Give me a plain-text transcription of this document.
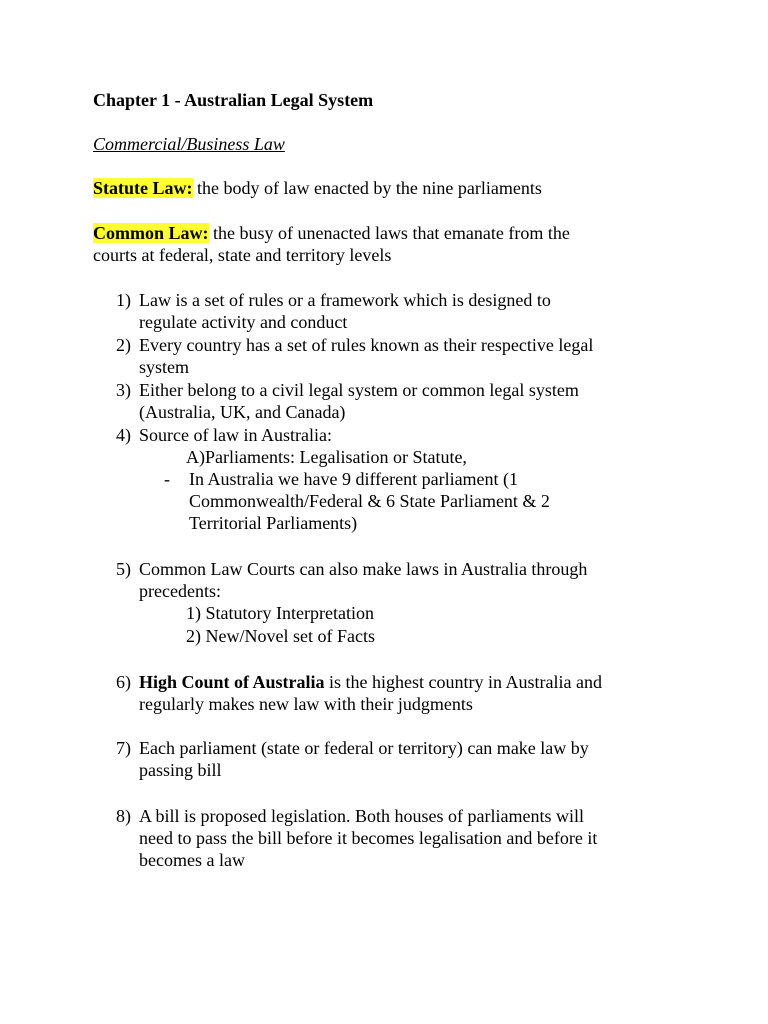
Chapter 1 - Australian Legal System
Commercial/Business Law
Statute Law: the body of law enacted by the nine parliaments
Common Law: the busy of unenacted laws that emanate from the
courts at federal, state and territory levels
1) Law is a set of rules or a framework which is designed to
regulate activity and conduct
2) Every country has a set of rules known as their respective legal
system
3) Either belong to a civil legal system or common legal system
(Australia, UK, and Canada)
4) Source of law in Australia:
A)Parliaments: Legalisation or Statute,
- In Australia we have 9 different parliament (1
Commonwealth/Federal & 6 State Parliament & 2
Territorial Parliaments)
5) Common Law Courts can also make laws in Australia through
precedents:
1) Statutory Interpretation
2) New/Novel set of Facts
6) High Count of Australia is the highest country in Australia and
regularly makes new law with their judgments
7) Each parliament (state or federal or territory) can make law by
passing bill
8) A bill is proposed legislation. Both houses of parliaments will
need to pass the bill before it becomes legalisation and before it
becomes a law
